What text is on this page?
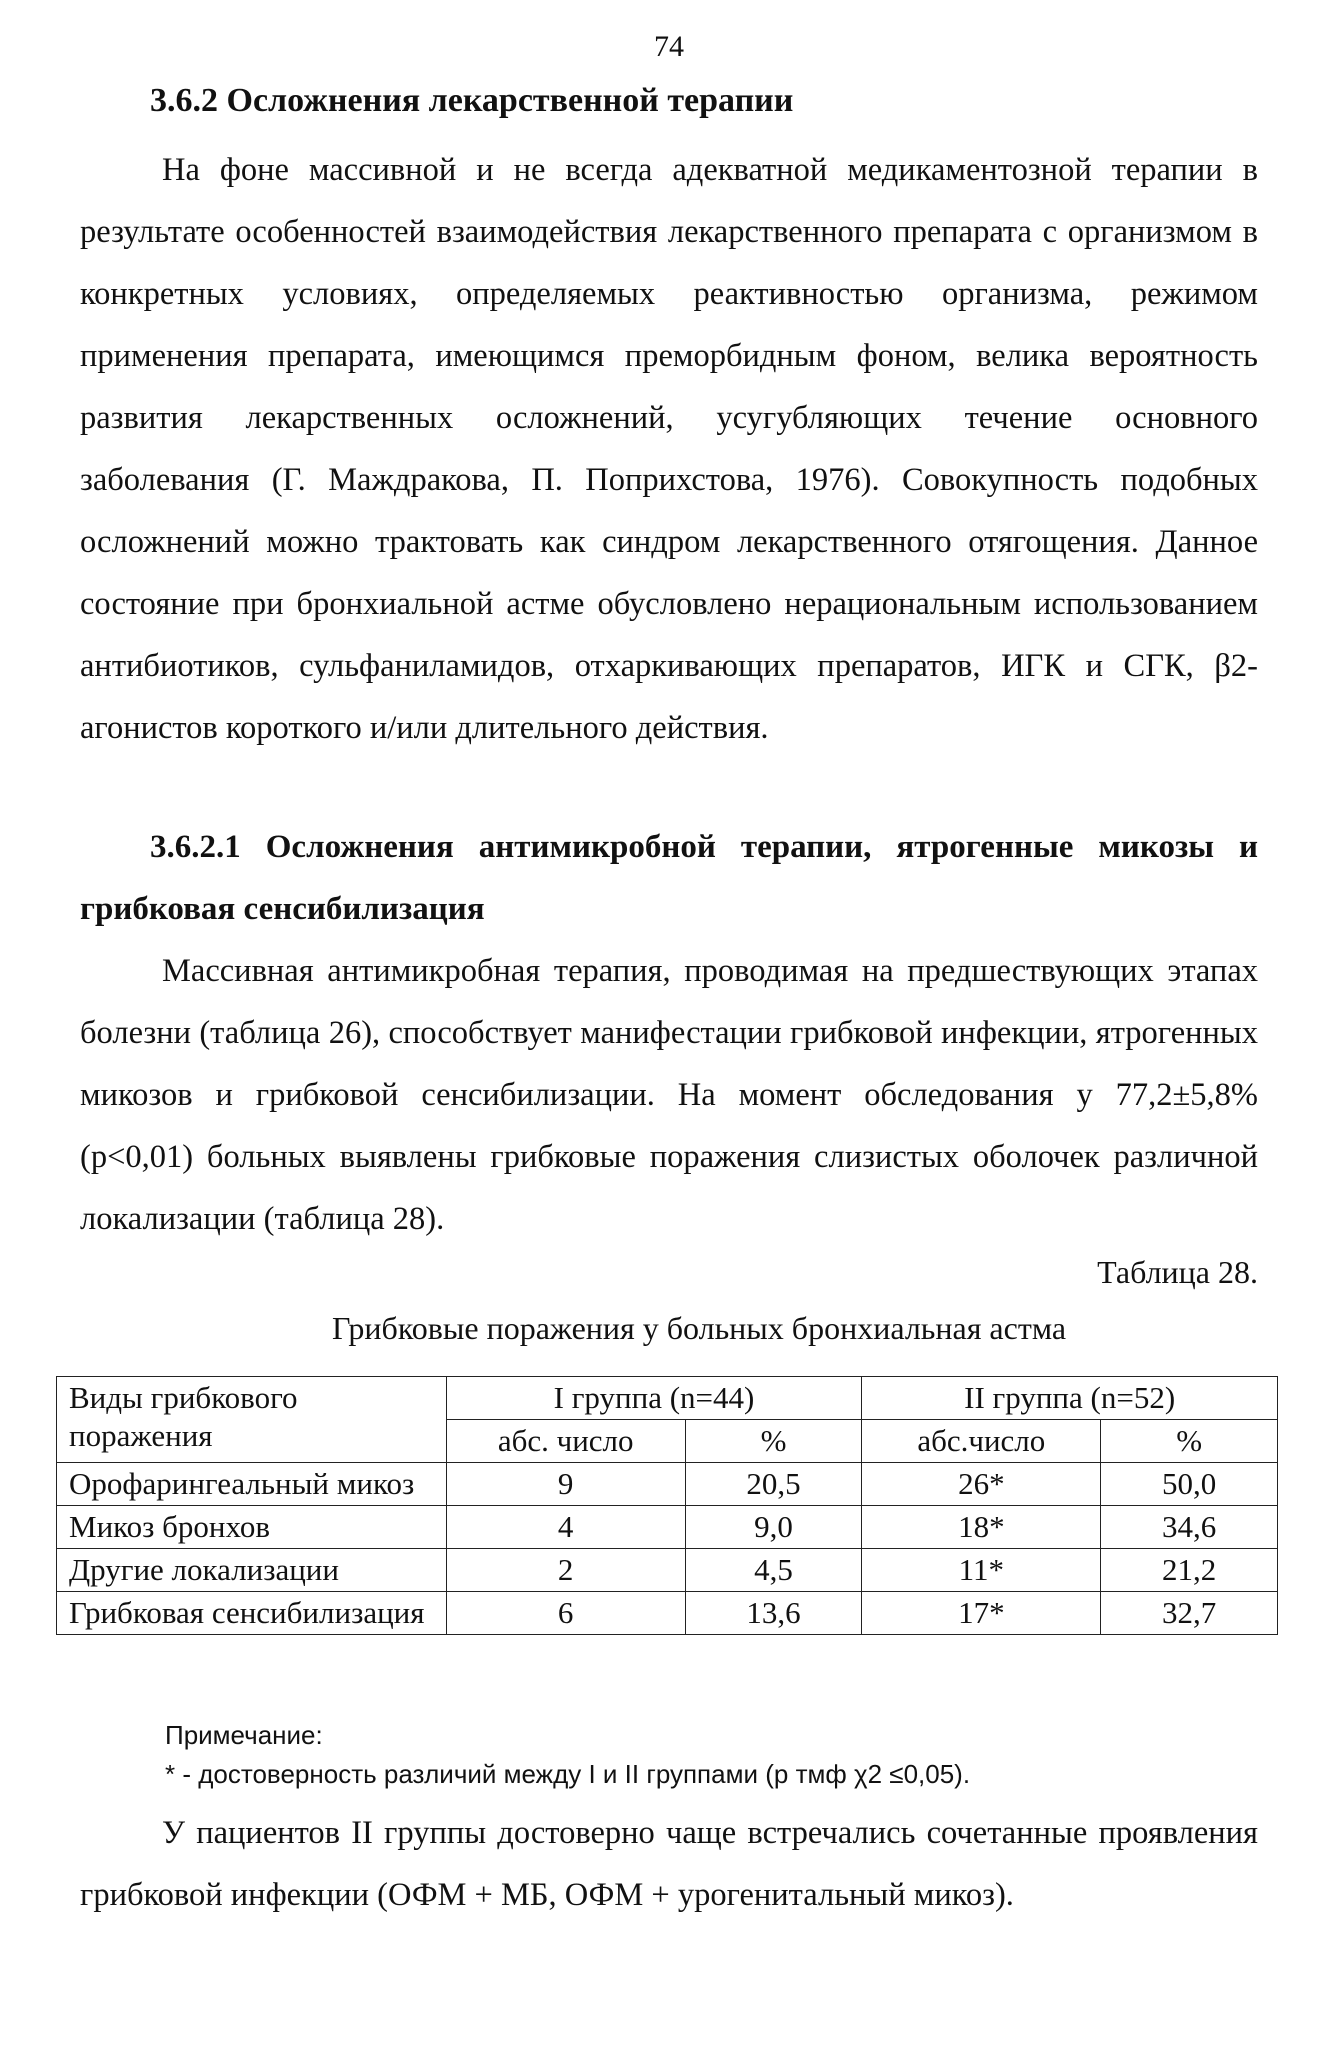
74
3.6.2 Осложнения лекарственной терапии

На фоне массивной и не всегда адекватной медикаментозной терапии в результате особенностей взаимодействия лекарственного препарата с организмом в конкретных условиях, определяемых реактивностью организма, режимом применения препарата, имеющимся преморбидным фоном, велика вероятность развития лекарственных осложнений, усугубляющих течение основного заболевания (Г. Маждракова, П. Поприхстова, 1976). Совокупность подобных осложнений можно трактовать как синдром лекарственного отягощения. Данное состояние при бронхиальной астме обусловлено нерациональным использованием антибиотиков, сульфаниламидов, отхаркивающих препаратов, ИГК и СГК, β2-агонистов короткого и/или длительного действия.

3.6.2.1 Осложнения антимикробной терапии, ятрогенные микозы и грибковая сенсибилизация

Массивная антимикробная терапия, проводимая на предшествующих этапах болезни (таблица 26), способствует манифестации грибковой инфекции, ятрогенных микозов и грибковой сенсибилизации. На момент обследования у 77,2±5,8% (p<0,01) больных выявлены грибковые поражения слизистых оболочек различной локализации (таблица 28).

Таблица 28.
Грибковые поражения у больных бронхиальная астма
Виды грибкового поражения	I группа (n=44)		II группа (n=52)	
	абс. число	%	абс.число	%
Орофарингеальный микоз	9	20,5	26*	50,0
Микоз бронхов	4	9,0	18*	34,6
Другие локализации	2	4,5	11*	21,2
Грибковая сенсибилизация	6	13,6	17*	32,7
Примечание:
* - достоверность различий между I и II группами (р тмф χ2 ≤0,05).

У пациентов II группы достоверно чаще встречались сочетанные проявления грибковой инфекции (ОФМ + МБ, ОФМ + урогенитальный микоз).
